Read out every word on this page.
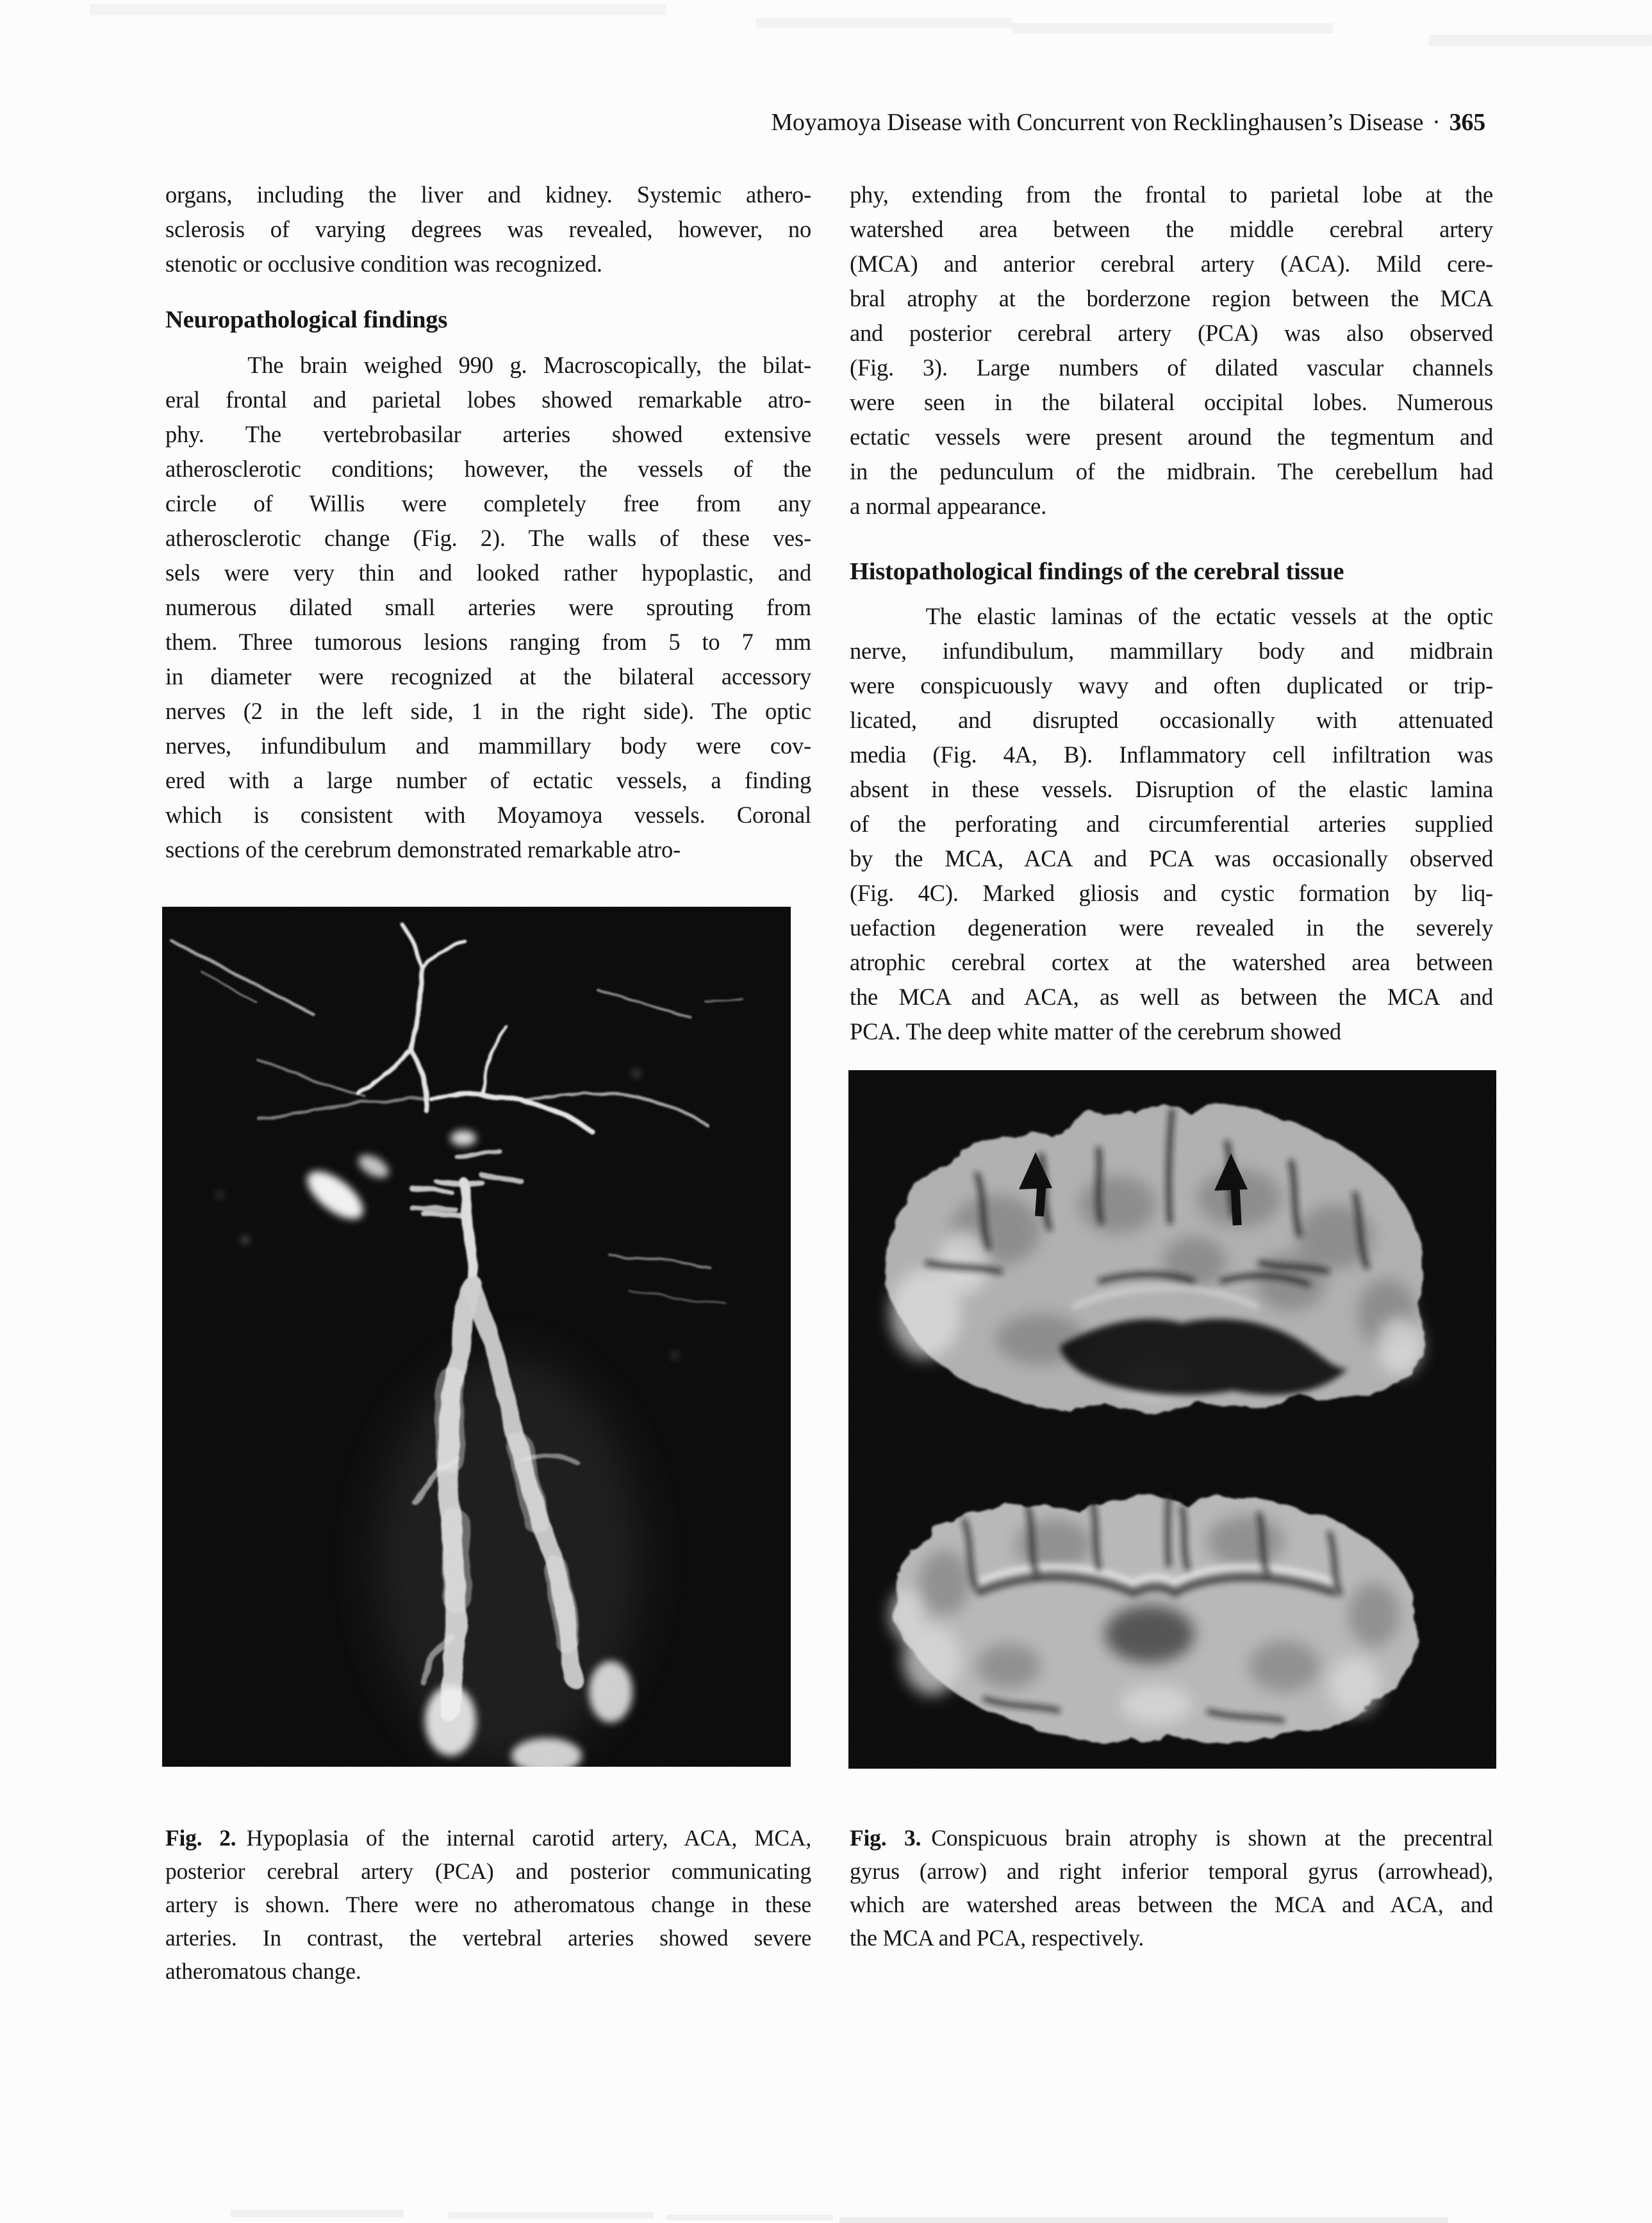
Moyamoya Disease with Concurrent von Recklinghausen’s Disease · 365
organs, including the liver and kidney. Systemic athero-
sclerosis of varying degrees was revealed, however, no
stenotic or occlusive condition was recognized.
Neuropathological findings
The brain weighed 990 g. Macroscopically, the bilat-
eral frontal and parietal lobes showed remarkable atro-
phy. The vertebrobasilar arteries showed extensive
atherosclerotic conditions; however, the vessels of the
circle of Willis were completely free from any
atherosclerotic change (Fig. 2). The walls of these ves-
sels were very thin and looked rather hypoplastic, and
numerous dilated small arteries were sprouting from
them. Three tumorous lesions ranging from 5 to 7 mm
in diameter were recognized at the bilateral accessory
nerves (2 in the left side, 1 in the right side). The optic
nerves, infundibulum and mammillary body were cov-
ered with a large number of ectatic vessels, a finding
which is consistent with Moyamoya vessels. Coronal
sections of the cerebrum demonstrated remarkable atro-
phy, extending from the frontal to parietal lobe at the
watershed area between the middle cerebral artery
(MCA) and anterior cerebral artery (ACA). Mild cere-
bral atrophy at the borderzone region between the MCA
and posterior cerebral artery (PCA) was also observed
(Fig. 3). Large numbers of dilated vascular channels
were seen in the bilateral occipital lobes. Numerous
ectatic vessels were present around the tegmentum and
in the pedunculum of the midbrain. The cerebellum had
a normal appearance.
Histopathological findings of the cerebral tissue
The elastic laminas of the ectatic vessels at the optic
nerve, infundibulum, mammillary body and midbrain
were conspicuously wavy and often duplicated or trip-
licated, and disrupted occasionally with attenuated
media (Fig. 4A, B). Inflammatory cell infiltration was
absent in these vessels. Disruption of the elastic lamina
of the perforating and circumferential arteries supplied
by the MCA, ACA and PCA was occasionally observed
(Fig. 4C). Marked gliosis and cystic formation by liq-
uefaction degeneration were revealed in the severely
atrophic cerebral cortex at the watershed area between
the MCA and ACA, as well as between the MCA and
PCA. The deep white matter of the cerebrum showed
Fig. 2. Hypoplasia of the internal carotid artery, ACA, MCA,
posterior cerebral artery (PCA) and posterior communicating
artery is shown. There were no atheromatous change in these
arteries. In contrast, the vertebral arteries showed severe
atheromatous change.
Fig. 3. Conspicuous brain atrophy is shown at the precentral
gyrus (arrow) and right inferior temporal gyrus (arrowhead),
which are watershed areas between the MCA and ACA, and
the MCA and PCA, respectively.
